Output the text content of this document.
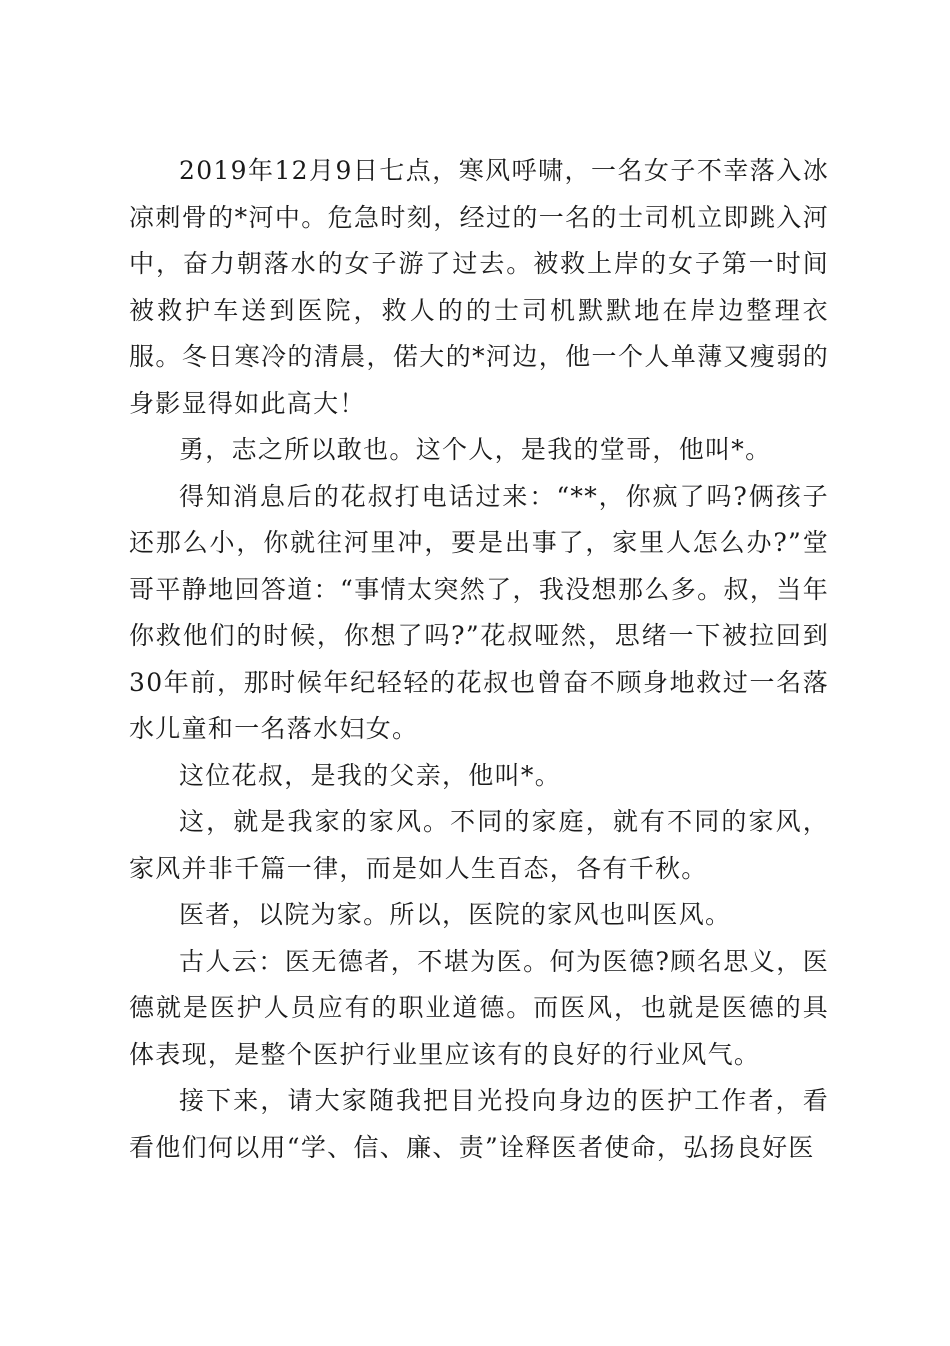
2019年12月9日七点，寒风呼啸，一名女子不幸落入冰凉刺骨的*河中。危急时刻，经过的一名的士司机立即跳入河中，奋力朝落水的女子游了过去。被救上岸的女子第一时间被救护车送到医院，救人的的士司机默默地在岸边整理衣服。冬日寒冷的清晨，偌大的*河边，他一个人单薄又瘦弱的身影显得如此高大！

勇，志之所以敢也。这个人，是我的堂哥，他叫*。

得知消息后的花叔打电话过来：“**，你疯了吗?俩孩子还那么小，你就往河里冲，要是出事了，家里人怎么办?”堂哥平静地回答道：“事情太突然了，我没想那么多。叔，当年你救他们的时候，你想了吗?”花叔哑然，思绪一下被拉回到30年前，那时候年纪轻轻的花叔也曾奋不顾身地救过一名落水儿童和一名落水妇女。

这位花叔，是我的父亲，他叫*。

这，就是我家的家风。不同的家庭，就有不同的家风，家风并非千篇一律，而是如人生百态，各有千秋。

医者，以院为家。所以，医院的家风也叫医风。

古人云：医无德者，不堪为医。何为医德?顾名思义，医德就是医护人员应有的职业道德。而医风，也就是医德的具体表现，是整个医护行业里应该有的良好的行业风气。

接下来，请大家随我把目光投向身边的医护工作者，看看他们何以用“学、信、廉、责”诠释医者使命，弘扬良好医
